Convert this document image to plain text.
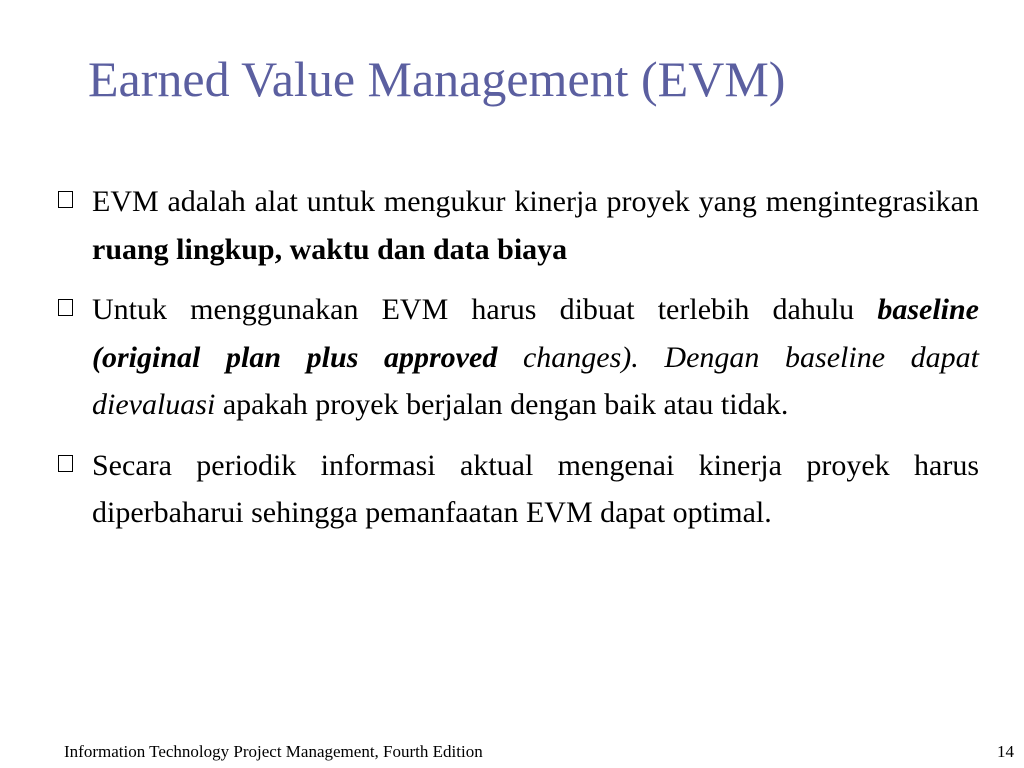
Earned Value Management (EVM)
EVM adalah alat untuk mengukur kinerja proyek yang mengintegrasikan ruang lingkup, waktu dan data biaya
Untuk menggunakan EVM harus dibuat terlebih dahulu baseline (original plan plus approved changes). Dengan baseline dapat dievaluasi apakah proyek berjalan dengan baik atau tidak.
Secara periodik informasi aktual mengenai kinerja proyek harus diperbaharui sehingga pemanfaatan EVM dapat optimal.
Information Technology Project Management, Fourth Edition	14
